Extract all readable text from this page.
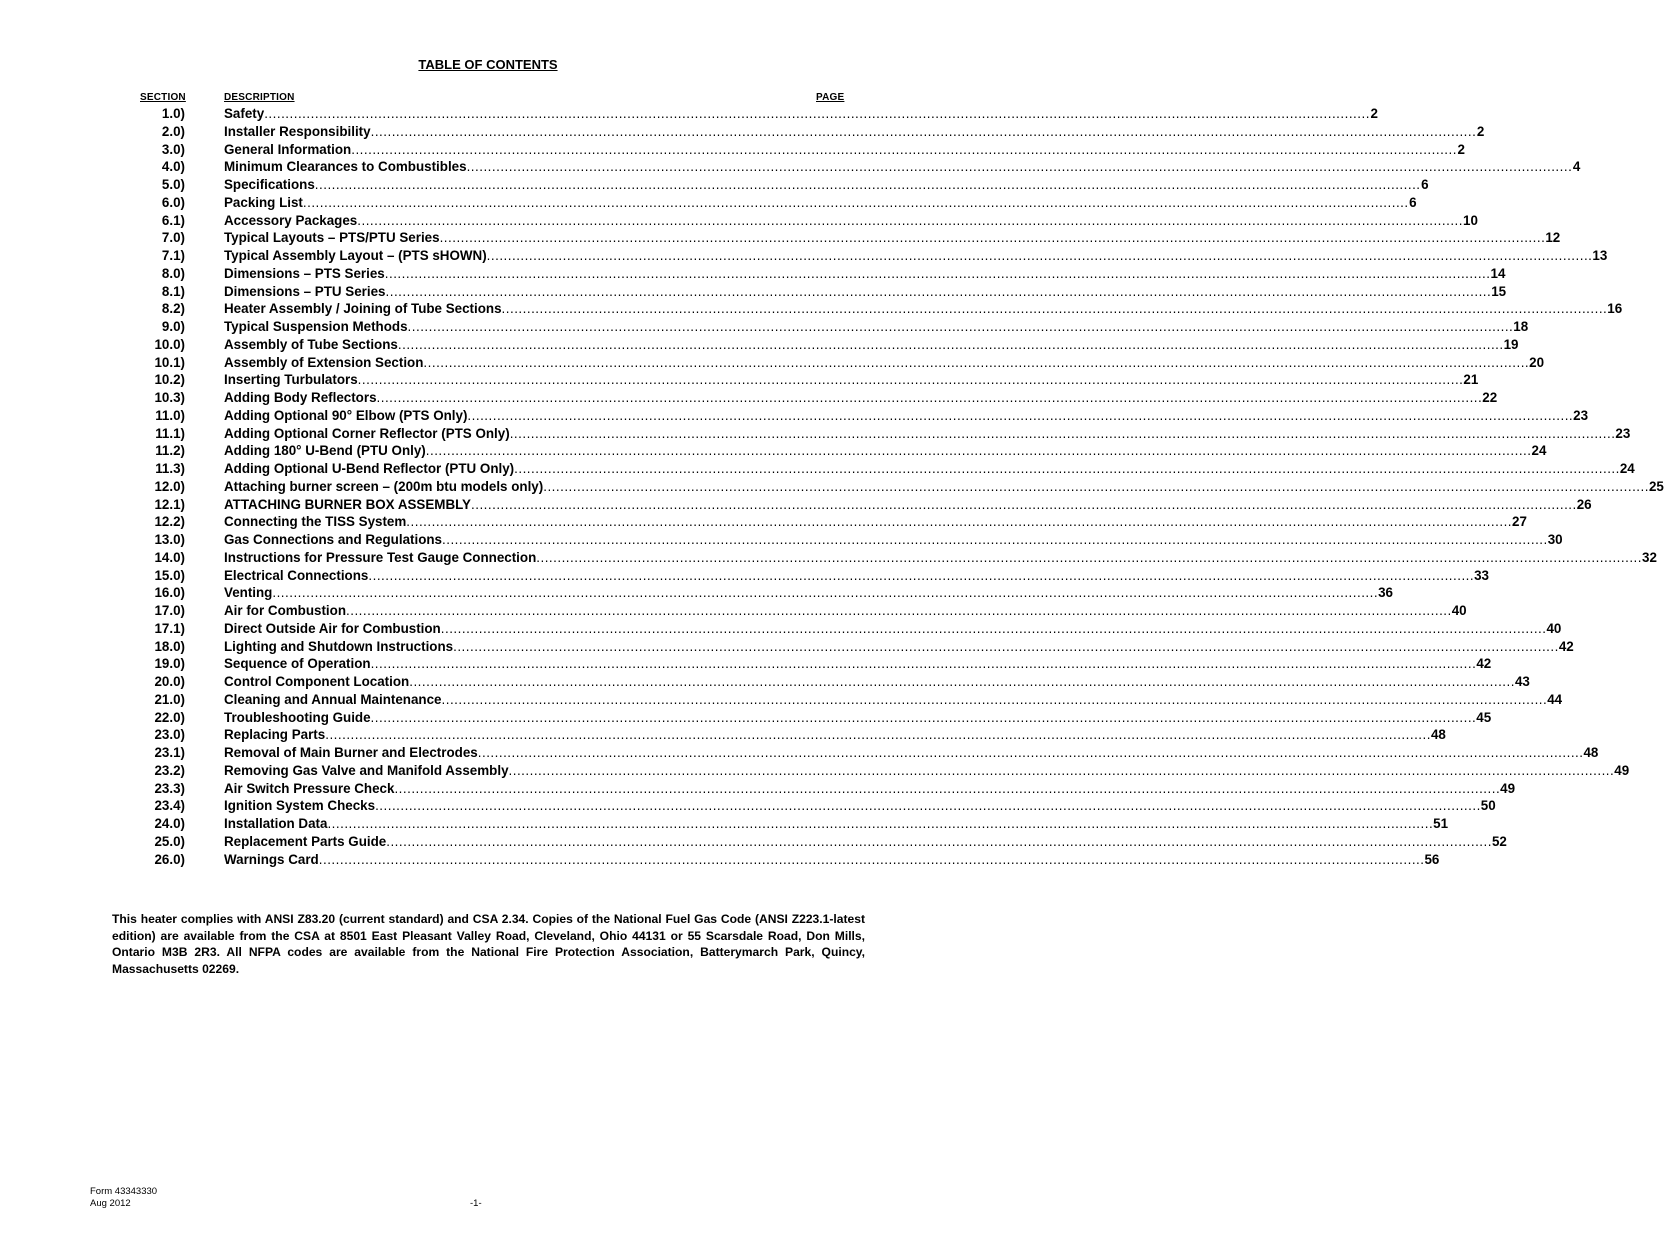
TABLE OF CONTENTS
SECTION	DESCRIPTION	PAGE
1.0)	Safety .....	2
2.0)	Installer Responsibility .....	2
3.0)	General Information .....	2
4.0)	Minimum Clearances to Combustibles .....	4
5.0)	Specifications .....	6
6.0)	Packing List .....	6
6.1)	Accessory Packages .....	10
7.0)	Typical Layouts – PTS/PTU Series .....	12
7.1)	Typical Assembly Layout – (PTS sHOWN) .....	13
8.0)	Dimensions – PTS Series .....	14
8.1)	Dimensions – PTU Series .....	15
8.2)	Heater Assembly / Joining of Tube Sections .....	16
9.0)	Typical Suspension Methods .....	18
10.0)	Assembly of Tube Sections .....	19
10.1)	Assembly of Extension Section .....	20
10.2)	Inserting Turbulators .....	21
10.3)	Adding Body Reflectors .....	22
11.0)	Adding Optional 90° Elbow (PTS Only) .....	23
11.1)	Adding Optional Corner Reflector (PTS Only) .....	23
11.2)	Adding 180° U-Bend (PTU Only) .....	24
11.3)	Adding Optional U-Bend Reflector (PTU Only) .....	24
12.0)	Attaching burner screen – (200m btu models only) .....	25
12.1)	ATTACHING BURNER BOX ASSEMBLY .....	26
12.2)	Connecting the TISS System .....	27
13.0)	Gas Connections and Regulations .....	30
14.0)	Instructions for Pressure Test Gauge Connection .....	32
15.0)	Electrical Connections .....	33
16.0)	Venting .....	36
17.0)	Air for Combustion .....	40
17.1)	Direct Outside Air for Combustion .....	40
18.0)	Lighting and Shutdown Instructions .....	42
19.0)	Sequence of Operation .....	42
20.0)	Control Component Location .....	43
21.0)	Cleaning and Annual Maintenance .....	44
22.0)	Troubleshooting Guide .....	45
23.0)	Replacing Parts .....	48
23.1)	Removal of Main Burner and Electrodes .....	48
23.2)	Removing Gas Valve and Manifold Assembly .....	49
23.3)	Air Switch Pressure Check .....	49
23.4)	Ignition System Checks .....	50
24.0)	Installation Data .....	51
25.0)	Replacement Parts Guide .....	52
26.0)	Warnings Card .....	56
This heater complies with ANSI Z83.20 (current standard) and CSA 2.34. Copies of the National Fuel Gas Code (ANSI Z223.1-latest edition) are available from the CSA at 8501 East Pleasant Valley Road, Cleveland, Ohio 44131 or 55 Scarsdale Road, Don Mills, Ontario M3B 2R3. All NFPA codes are available from the National Fire Protection Association, Batterymarch Park, Quincy, Massachusetts 02269.
Form 43343330
Aug 2012	-1-
